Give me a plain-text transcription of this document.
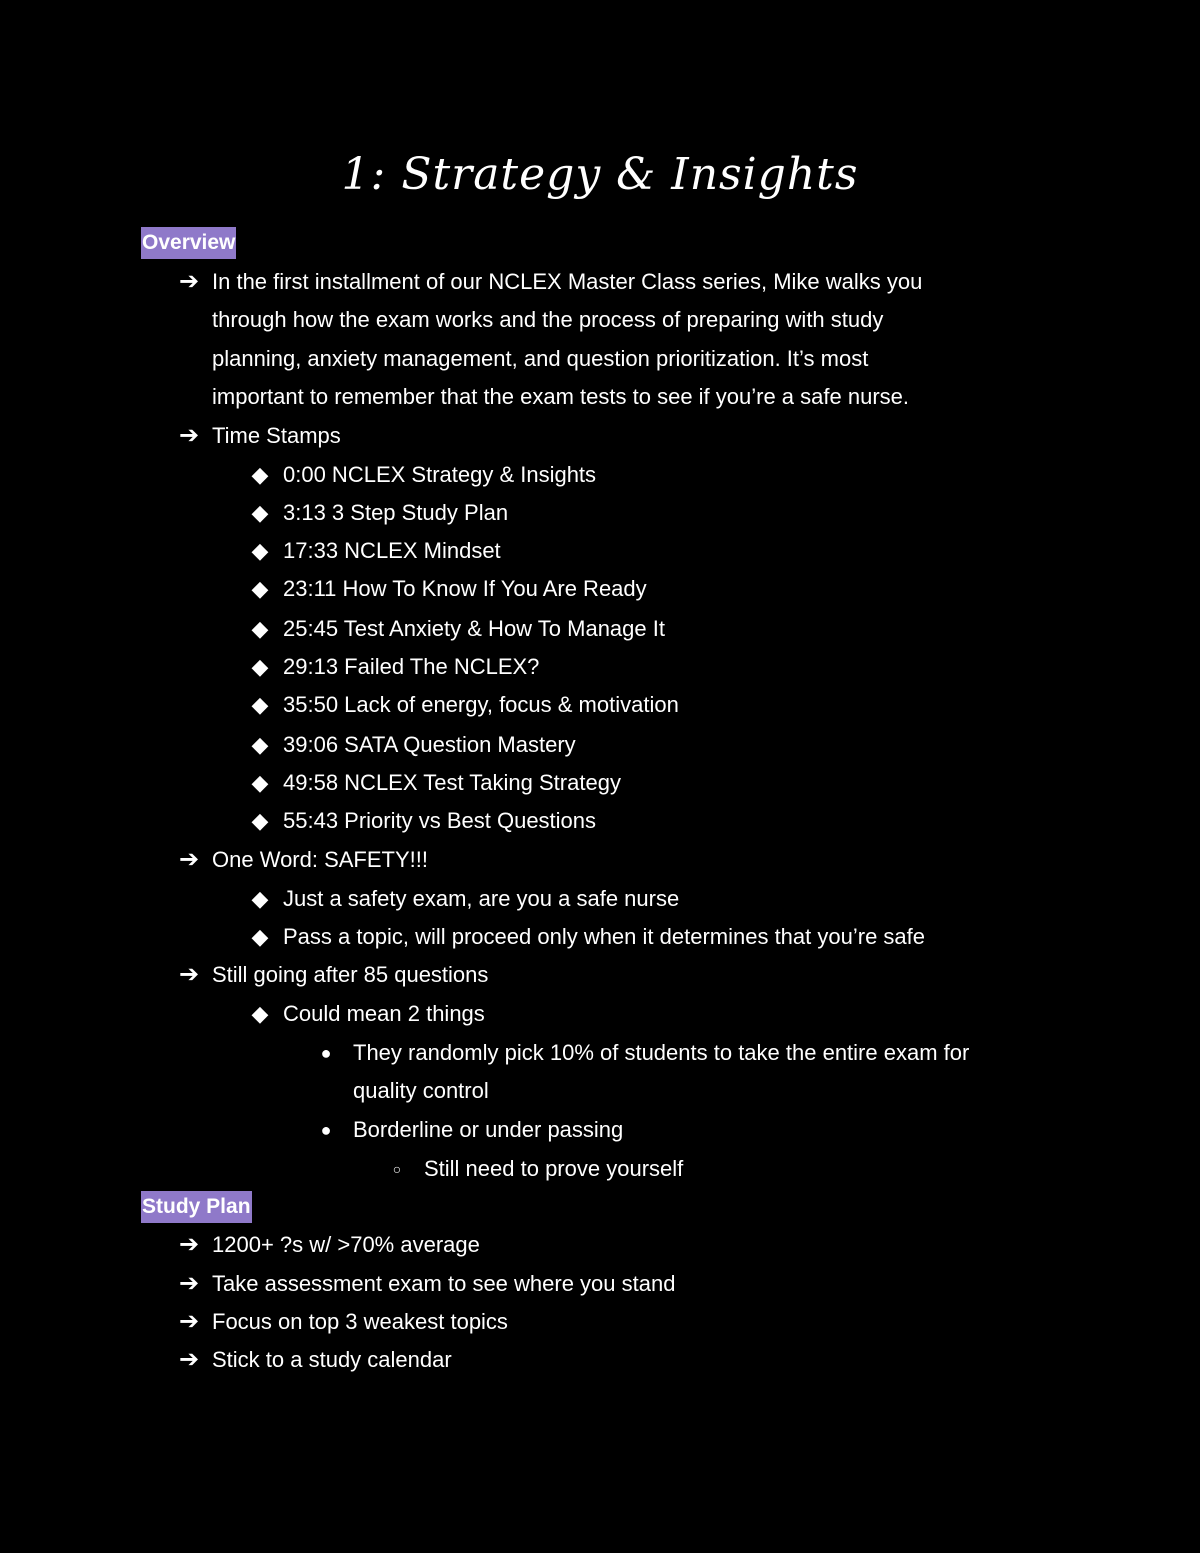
1: Strategy & Insights
Overview
➔ In the first installment of our NCLEX Master Class series, Mike walks you
through how the exam works and the process of preparing with study
planning, anxiety management, and question prioritization. It’s most
important to remember that the exam tests to see if you’re a safe nurse.
➔ Time Stamps
◆ 0:00 NCLEX Strategy & Insights
◆ 3:13 3 Step Study Plan
◆ 17:33 NCLEX Mindset
◆ 23:11 How To Know If You Are Ready
◆ 25:45 Test Anxiety & How To Manage It
◆ 29:13 Failed The NCLEX?
◆ 35:50 Lack of energy, focus & motivation
◆ 39:06 SATA Question Mastery
◆ 49:58 NCLEX Test Taking Strategy
◆ 55:43 Priority vs Best Questions
➔ One Word: SAFETY!!!
◆ Just a safety exam, are you a safe nurse
◆ Pass a topic, will proceed only when it determines that you’re safe
➔ Still going after 85 questions
◆ Could mean 2 things
● They randomly pick 10% of students to take the entire exam for
quality control
● Borderline or under passing
○ Still need to prove yourself
Study Plan
➔ 1200+ ?s w/ >70% average
➔ Take assessment exam to see where you stand
➔ Focus on top 3 weakest topics
➔ Stick to a study calendar
